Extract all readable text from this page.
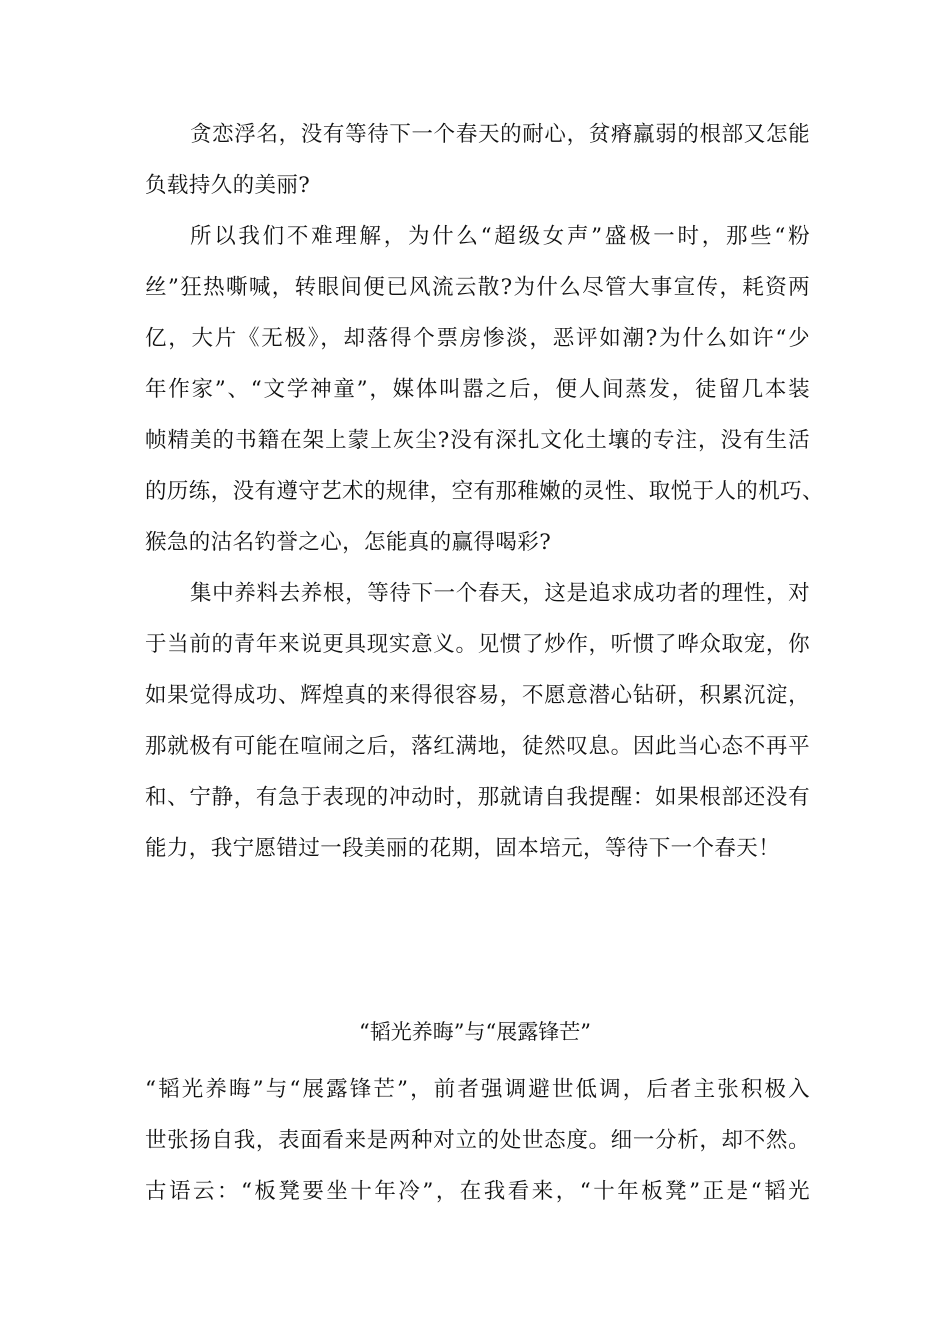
贪恋浮名，没有等待下一个春天的耐心，贫瘠羸弱的根部又怎能
负载持久的美丽?
所以我们不难理解，为什么“超级女声”盛极一时，那些“粉
丝”狂热嘶喊，转眼间便已风流云散?为什么尽管大事宣传，耗资两
亿，大片《无极》，却落得个票房惨淡，恶评如潮?为什么如许“少
年作家”、“文学神童”，媒体叫嚣之后，便人间蒸发，徒留几本装
帧精美的书籍在架上蒙上灰尘?没有深扎文化土壤的专注，没有生活
的历练，没有遵守艺术的规律，空有那稚嫩的灵性、取悦于人的机巧、
猴急的沽名钓誉之心，怎能真的赢得喝彩?
集中养料去养根，等待下一个春天，这是追求成功者的理性，对
于当前的青年来说更具现实意义。见惯了炒作，听惯了哗众取宠，你
如果觉得成功、辉煌真的来得很容易，不愿意潜心钻研，积累沉淀，
那就极有可能在喧闹之后，落红满地，徒然叹息。因此当心态不再平
和、宁静，有急于表现的冲动时，那就请自我提醒：如果根部还没有
能力，我宁愿错过一段美丽的花期，固本培元，等待下一个春天！
“韬光养晦”与“展露锋芒”
“韬光养晦”与“展露锋芒”，前者强调避世低调，后者主张积极入
世张扬自我，表面看来是两种对立的处世态度。细一分析，却不然。
古语云：“板凳要坐十年冷”，在我看来，“十年板凳”正是“韬光
